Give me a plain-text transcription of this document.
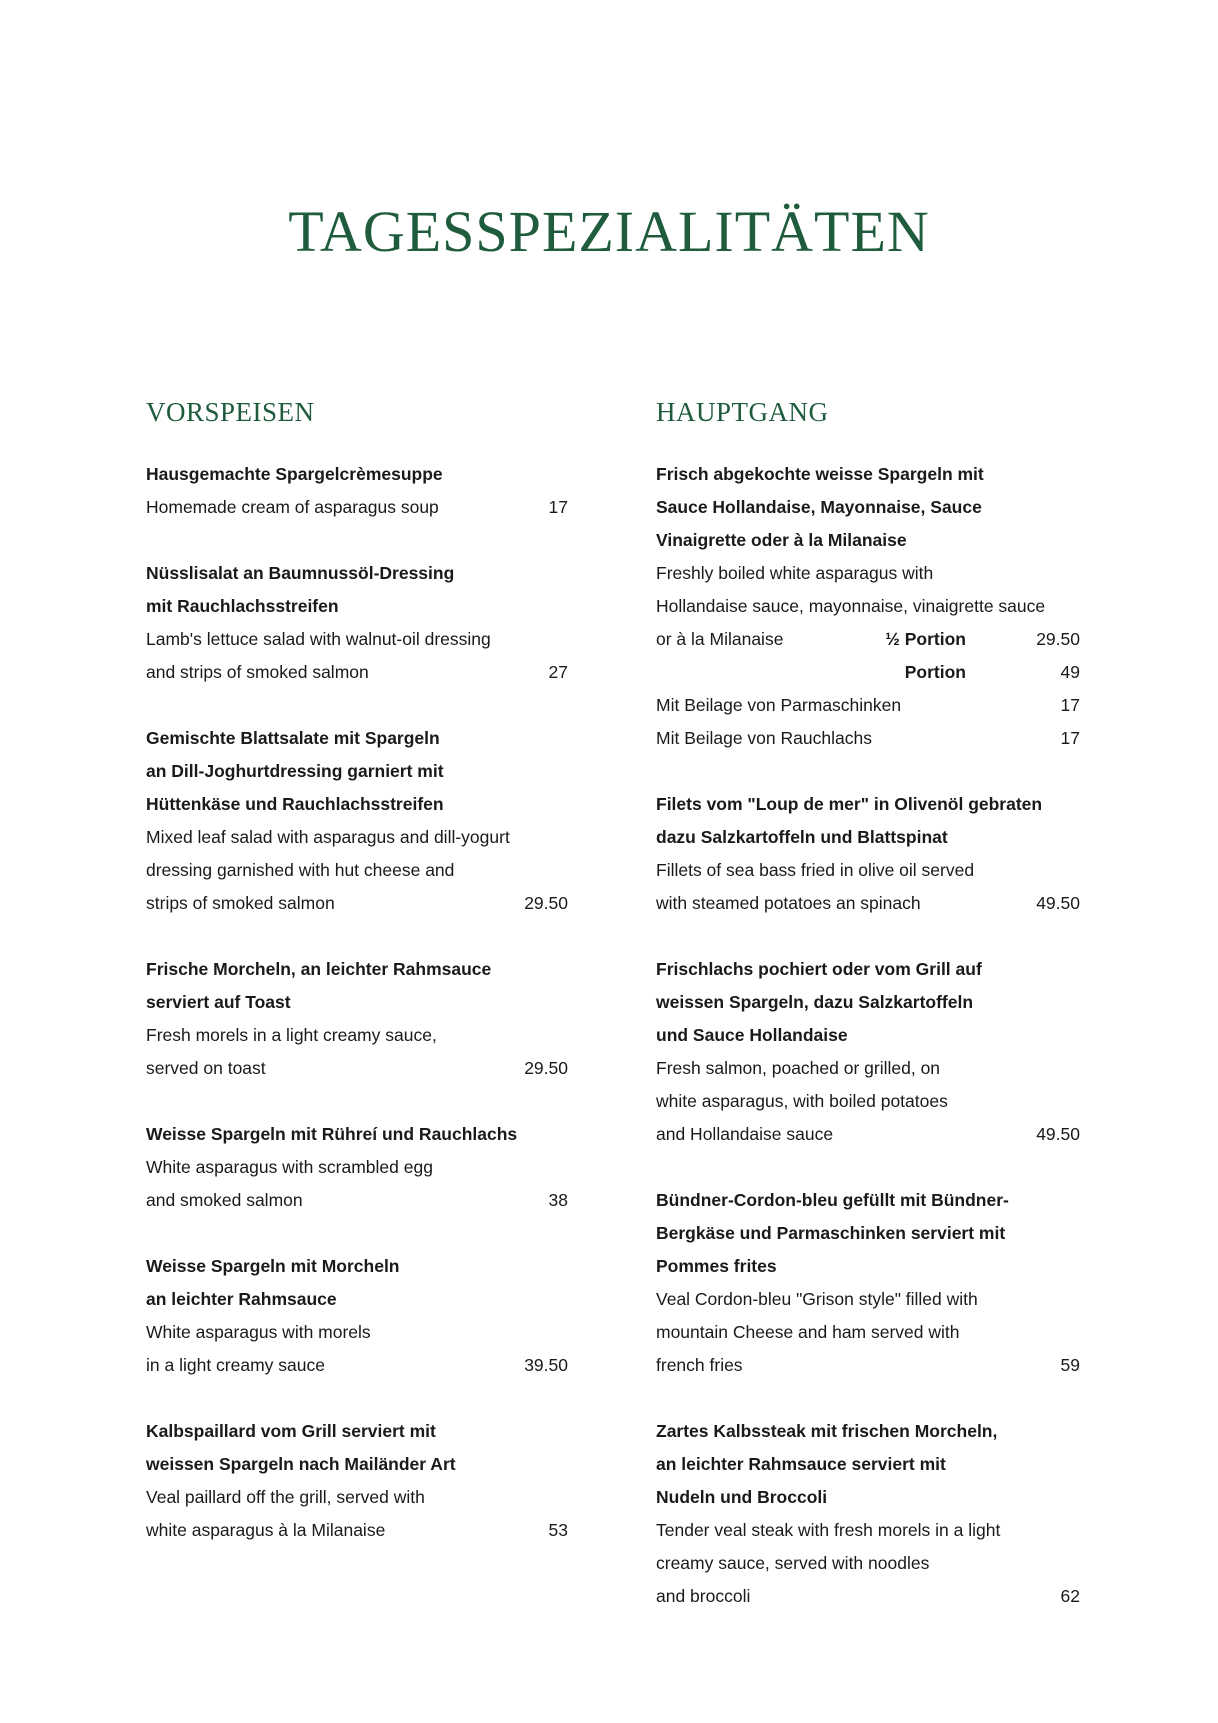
TAGESSPEZIALITÄTEN
VORSPEISEN
Hausgemachte Spargelcrèmesuppe
Homemade cream of asparagus soup	17
Nüsslisalat an Baumnussöl-Dressing
mit Rauchlachsstreifen
Lamb's lettuce salad with walnut-oil dressing
and strips of smoked salmon	27
Gemischte Blattsalate mit Spargeln
an Dill-Joghurtdressing garniert mit
Hüttenkäse und Rauchlachsstreifen
Mixed leaf salad with asparagus and dill-yogurt
dressing garnished with hut cheese and
strips of smoked salmon	29.50
Frische Morcheln, an leichter Rahmsauce
serviert auf Toast
Fresh morels in a light creamy sauce,
served on toast	29.50
Weisse Spargeln mit Rühreí und Rauchlachs
White asparagus with scrambled egg
and smoked salmon	38
Weisse Spargeln mit Morcheln
an leichter Rahmsauce
White asparagus with morels
in a light creamy sauce	39.50
Kalbspaillard vom Grill serviert mit
weissen Spargeln nach Mailänder Art
Veal paillard off the grill, served with
white asparagus à la Milanaise	53
HAUPTGANG
Frisch abgekochte weisse Spargeln mit
Sauce Hollandaise, Mayonnaise, Sauce
Vinaigrette oder à la Milanaise
Freshly boiled white asparagus with
Hollandaise sauce, mayonnaise, vinaigrette sauce
or à la Milanaise	½ Portion	29.50
Portion	49
Mit Beilage von Parmaschinken	17
Mit Beilage von Rauchlachs	17
Filets vom "Loup de mer" in Olivenöl gebraten
dazu Salzkartoffeln und Blattspinat
Fillets of sea bass fried in olive oil served
with steamed potatoes an spinach	49.50
Frischlachs pochiert oder vom Grill auf
weissen Spargeln, dazu Salzkartoffeln
und Sauce Hollandaise
Fresh salmon, poached or grilled, on
white asparagus, with boiled potatoes
and Hollandaise sauce	49.50
Bündner-Cordon-bleu gefüllt mit Bündner-
Bergkäse und Parmaschinken serviert mit
Pommes frites
Veal Cordon-bleu "Grison style" filled with
mountain Cheese and ham served with
french fries	59
Zartes Kalbssteak mit frischen Morcheln,
an leichter Rahmsauce serviert mit
Nudeln und Broccoli
Tender veal steak with fresh morels in a light
creamy sauce, served with noodles
and broccoli	62
